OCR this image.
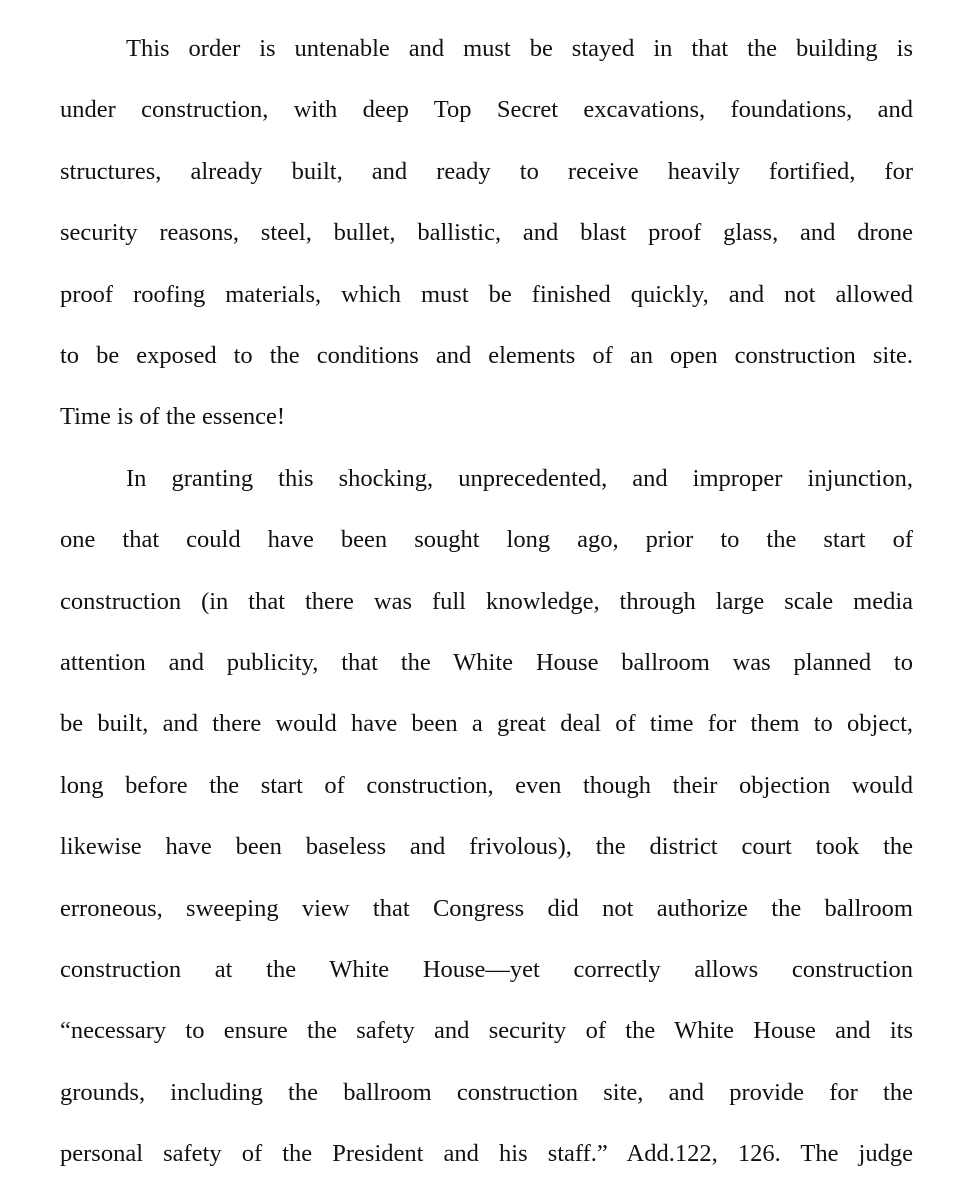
This order is untenable and must be stayed in that the building is
under construction, with deep Top Secret excavations, foundations, and
structures, already built, and ready to receive heavily fortified, for
security reasons, steel, bullet, ballistic, and blast proof glass, and drone
proof roofing materials, which must be finished quickly, and not allowed
to be exposed to the conditions and elements of an open construction site.
Time is of the essence!
In granting this shocking, unprecedented, and improper injunction,
one that could have been sought long ago, prior to the start of
construction (in that there was full knowledge, through large scale media
attention and publicity, that the White House ballroom was planned to
be built, and there would have been a great deal of time for them to object,
long before the start of construction, even though their objection would
likewise have been baseless and frivolous), the district court took the
erroneous, sweeping view that Congress did not authorize the ballroom
construction at the White House—yet correctly allows construction
“necessary to ensure the safety and security of the White House and its
grounds, including the ballroom construction site, and provide for the
personal safety of the President and his staff.” Add.122, 126. The judge
